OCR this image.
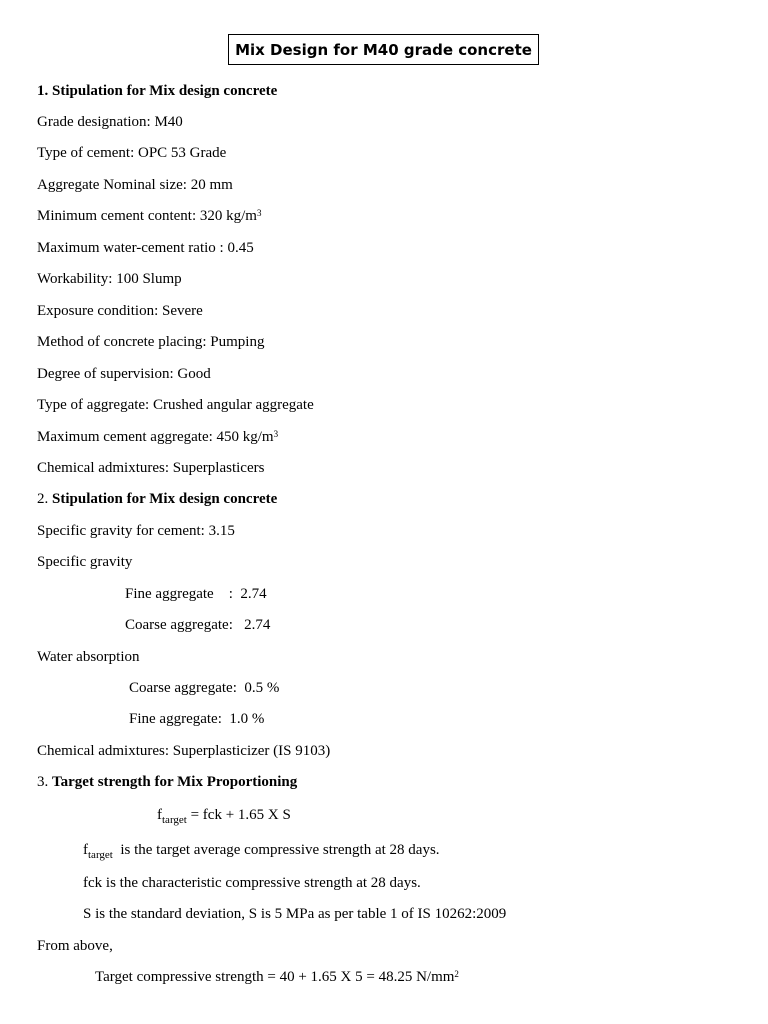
Mix Design for M40 grade concrete
1. Stipulation for Mix design concrete
Grade designation: M40
Type of cement: OPC 53 Grade
Aggregate Nominal size: 20 mm
Minimum cement content: 320 $kg/m^3$
Maximum water-cement ratio : 0.45
Workability: 100 Slump
Exposure condition: Severe
Method of concrete placing: Pumping
Degree of supervision: Good
Type of aggregate: Crushed angular aggregate
Maximum cement aggregate: 450 $kg/m^3$
Chemical admixtures: Superplasticers
2. Stipulation for Mix design concrete
Specific gravity for cement: 3.15
Specific gravity
Fine aggregate    :  2.74
Coarse aggregate:   2.74
Water absorption
Coarse aggregate:  0.5 %
Fine aggregate:  1.0 %
Chemical admixtures: Superplasticizer (IS 9103)
3. Target strength for Mix Proportioning
$f_{target}$ = fck + 1.65 X S
$f_{target}$  is the target average compressive strength at 28 days.
fck is the characteristic compressive strength at 28 days.
S is the standard deviation, S is 5 MPa as per table 1 of IS 10262:2009
From above,
Target compressive strength = 40 + 1.65 X 5 = 48.25 $N/mm^2$
